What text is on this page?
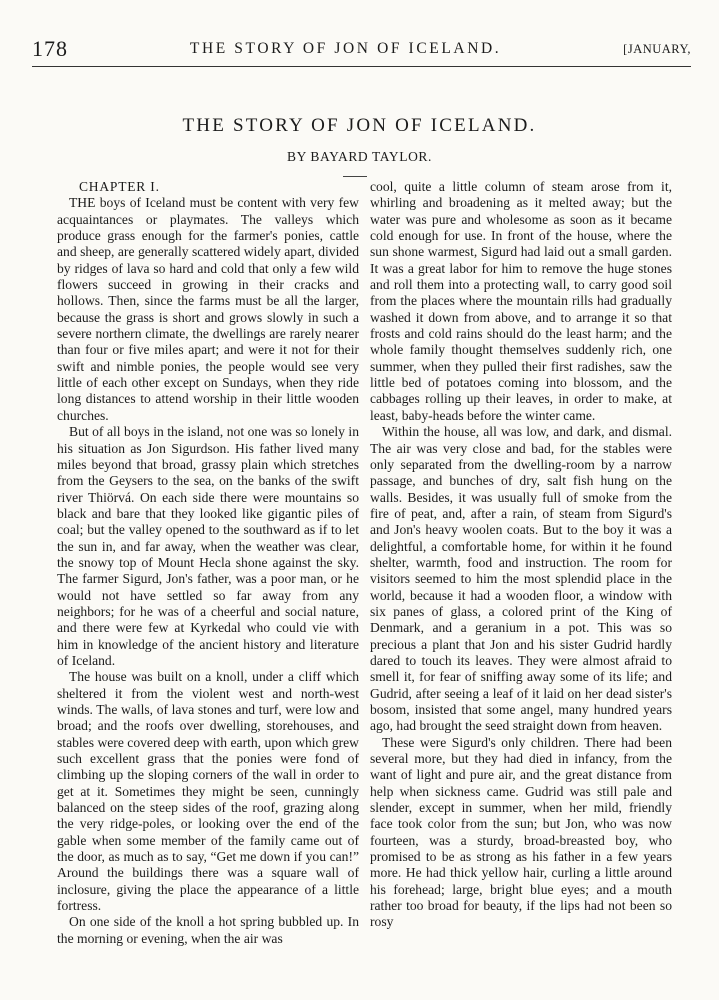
178	THE STORY OF JON OF ICELAND.	[JANUARY,
THE STORY OF JON OF ICELAND.
BY BAYARD TAYLOR.

CHAPTER I.

THE boys of Iceland must be content with very few acquaintances or playmates. The valleys which produce grass enough for the farmer's ponies, cattle and sheep, are generally scattered widely apart, divided by ridges of lava so hard and cold that only a few wild flowers succeed in growing in their cracks and hollows. Then, since the farms must be all the larger, because the grass is short and grows slowly in such a severe northern climate, the dwellings are rarely nearer than four or five miles apart; and were it not for their swift and nimble ponies, the people would see very little of each other except on Sundays, when they ride long distances to attend worship in their little wooden churches.

But of all boys in the island, not one was so lonely in his situation as Jon Sigurdson. His father lived many miles beyond that broad, grassy plain which stretches from the Geysers to the sea, on the banks of the swift river Thiörvá. On each side there were mountains so black and bare that they looked like gigantic piles of coal; but the valley opened to the southward as if to let the sun in, and far away, when the weather was clear, the snowy top of Mount Hecla shone against the sky. The farmer Sigurd, Jon's father, was a poor man, or he would not have settled so far away from any neighbors; for he was of a cheerful and social nature, and there were few at Kyrkedal who could vie with him in knowledge of the ancient history and literature of Iceland.

The house was built on a knoll, under a cliff which sheltered it from the violent west and north-west winds. The walls, of lava stones and turf, were low and broad; and the roofs over dwelling, storehouses, and stables were covered deep with earth, upon which grew such excellent grass that the ponies were fond of climbing up the sloping corners of the wall in order to get at it. Sometimes they might be seen, cunningly balanced on the steep sides of the roof, grazing along the very ridge-poles, or looking over the end of the gable when some member of the family came out of the door, as much as to say, “Get me down if you can!” Around the buildings there was a square wall of inclosure, giving the place the appearance of a little fortress.

On one side of the knoll a hot spring bubbled up. In the morning or evening, when the air was

cool, quite a little column of steam arose from it, whirling and broadening as it melted away; but the water was pure and wholesome as soon as it became cold enough for use. In front of the house, where the sun shone warmest, Sigurd had laid out a small garden. It was a great labor for him to remove the huge stones and roll them into a protecting wall, to carry good soil from the places where the mountain rills had gradually washed it down from above, and to arrange it so that frosts and cold rains should do the least harm; and the whole family thought themselves suddenly rich, one summer, when they pulled their first radishes, saw the little bed of potatoes coming into blossom, and the cabbages rolling up their leaves, in order to make, at least, baby-heads before the winter came.

Within the house, all was low, and dark, and dismal. The air was very close and bad, for the stables were only separated from the dwelling-room by a narrow passage, and bunches of dry, salt fish hung on the walls. Besides, it was usually full of smoke from the fire of peat, and, after a rain, of steam from Sigurd's and Jon's heavy woolen coats. But to the boy it was a delightful, a comfortable home, for within it he found shelter, warmth, food and instruction. The room for visitors seemed to him the most splendid place in the world, because it had a wooden floor, a window with six panes of glass, a colored print of the King of Denmark, and a geranium in a pot. This was so precious a plant that Jon and his sister Gudrid hardly dared to touch its leaves. They were almost afraid to smell it, for fear of sniffing away some of its life; and Gudrid, after seeing a leaf of it laid on her dead sister's bosom, insisted that some angel, many hundred years ago, had brought the seed straight down from heaven.

These were Sigurd's only children. There had been several more, but they had died in infancy, from the want of light and pure air, and the great distance from help when sickness came. Gudrid was still pale and slender, except in summer, when her mild, friendly face took color from the sun; but Jon, who was now fourteen, was a sturdy, broad-breasted boy, who promised to be as strong as his father in a few years more. He had thick yellow hair, curling a little around his forehead; large, bright blue eyes; and a mouth rather too broad for beauty, if the lips had not been so rosy
